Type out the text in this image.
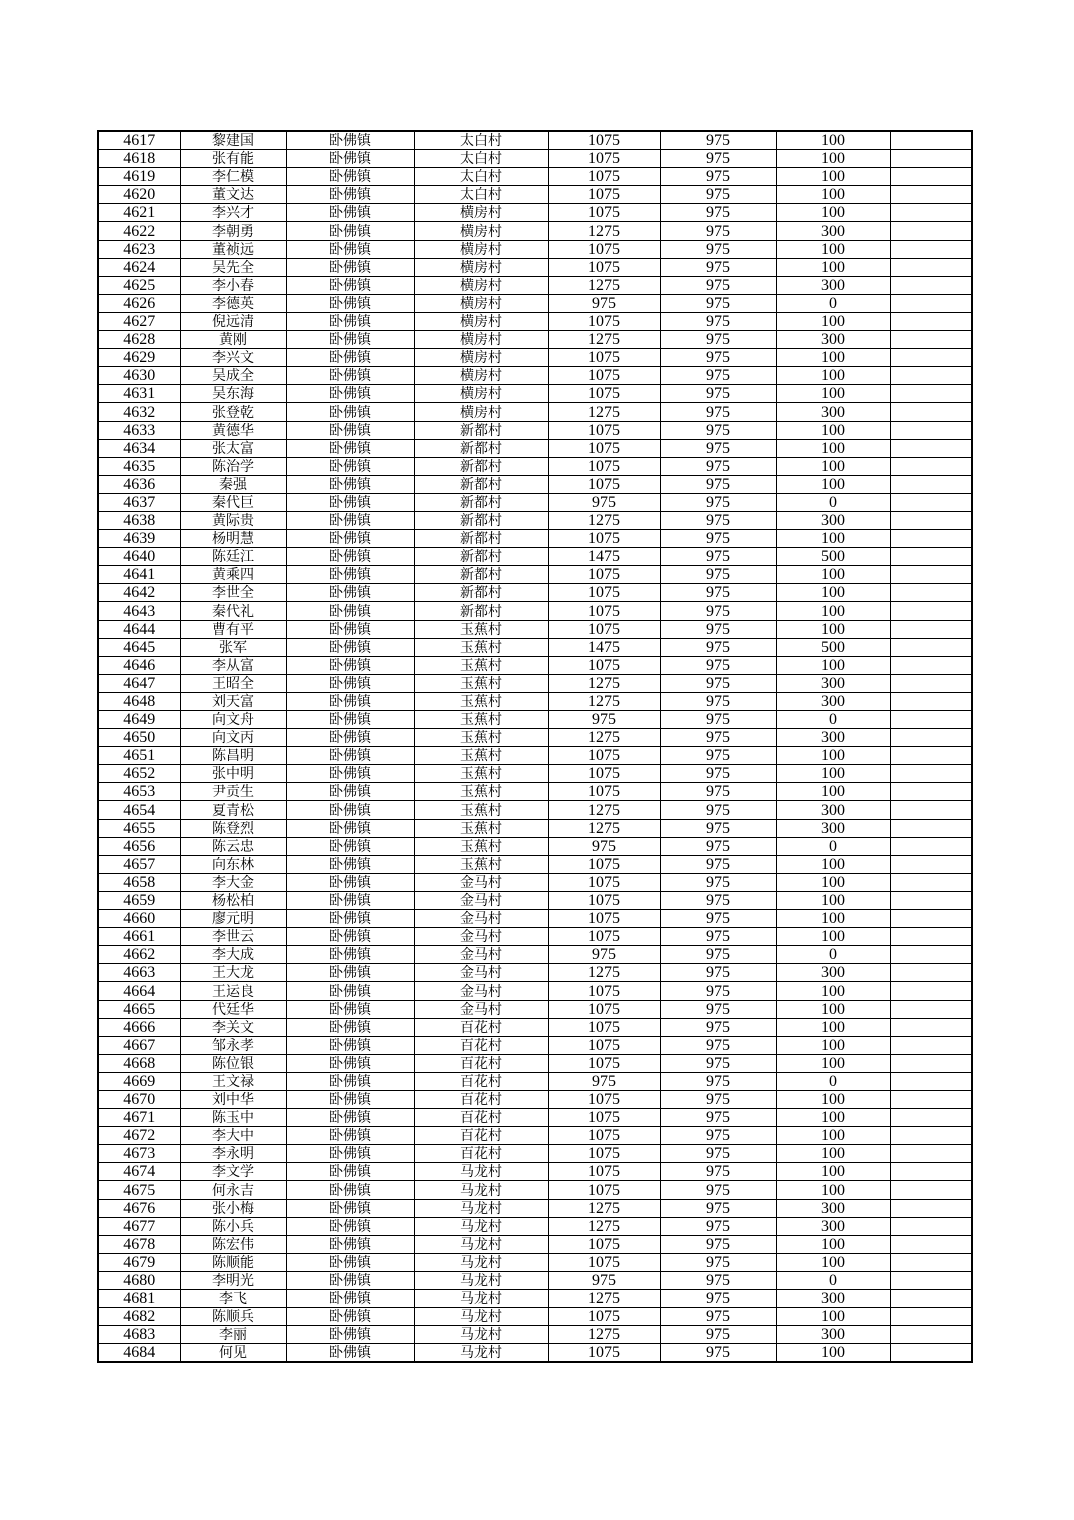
4617	黎建国	卧佛镇	太白村	1075	975	100	
4618	张有能	卧佛镇	太白村	1075	975	100	
4619	李仁模	卧佛镇	太白村	1075	975	100	
4620	董文达	卧佛镇	太白村	1075	975	100	
4621	李兴才	卧佛镇	横房村	1075	975	100	
4622	李朝勇	卧佛镇	横房村	1275	975	300	
4623	董祯远	卧佛镇	横房村	1075	975	100	
4624	吴先全	卧佛镇	横房村	1075	975	100	
4625	李小春	卧佛镇	横房村	1275	975	300	
4626	李德英	卧佛镇	横房村	975	975	0	
4627	倪远清	卧佛镇	横房村	1075	975	100	
4628	黄刚	卧佛镇	横房村	1275	975	300	
4629	李兴文	卧佛镇	横房村	1075	975	100	
4630	吴成全	卧佛镇	横房村	1075	975	100	
4631	吴东海	卧佛镇	横房村	1075	975	100	
4632	张登乾	卧佛镇	横房村	1275	975	300	
4633	黄德华	卧佛镇	新都村	1075	975	100	
4634	张太富	卧佛镇	新都村	1075	975	100	
4635	陈治学	卧佛镇	新都村	1075	975	100	
4636	秦强	卧佛镇	新都村	1075	975	100	
4637	秦代巨	卧佛镇	新都村	975	975	0	
4638	黄际贵	卧佛镇	新都村	1275	975	300	
4639	杨明慧	卧佛镇	新都村	1075	975	100	
4640	陈廷江	卧佛镇	新都村	1475	975	500	
4641	黄乘四	卧佛镇	新都村	1075	975	100	
4642	李世全	卧佛镇	新都村	1075	975	100	
4643	秦代礼	卧佛镇	新都村	1075	975	100	
4644	曹有平	卧佛镇	玉蕉村	1075	975	100	
4645	张军	卧佛镇	玉蕉村	1475	975	500	
4646	李从富	卧佛镇	玉蕉村	1075	975	100	
4647	王昭全	卧佛镇	玉蕉村	1275	975	300	
4648	刘天富	卧佛镇	玉蕉村	1275	975	300	
4649	向文舟	卧佛镇	玉蕉村	975	975	0	
4650	向文丙	卧佛镇	玉蕉村	1275	975	300	
4651	陈昌明	卧佛镇	玉蕉村	1075	975	100	
4652	张中明	卧佛镇	玉蕉村	1075	975	100	
4653	尹贡生	卧佛镇	玉蕉村	1075	975	100	
4654	夏青松	卧佛镇	玉蕉村	1275	975	300	
4655	陈登烈	卧佛镇	玉蕉村	1275	975	300	
4656	陈云忠	卧佛镇	玉蕉村	975	975	0	
4657	向东林	卧佛镇	玉蕉村	1075	975	100	
4658	李大金	卧佛镇	金马村	1075	975	100	
4659	杨松柏	卧佛镇	金马村	1075	975	100	
4660	廖元明	卧佛镇	金马村	1075	975	100	
4661	李世云	卧佛镇	金马村	1075	975	100	
4662	李大成	卧佛镇	金马村	975	975	0	
4663	王大龙	卧佛镇	金马村	1275	975	300	
4664	王运良	卧佛镇	金马村	1075	975	100	
4665	代廷华	卧佛镇	金马村	1075	975	100	
4666	李关文	卧佛镇	百花村	1075	975	100	
4667	邹永孝	卧佛镇	百花村	1075	975	100	
4668	陈位银	卧佛镇	百花村	1075	975	100	
4669	王文禄	卧佛镇	百花村	975	975	0	
4670	刘中华	卧佛镇	百花村	1075	975	100	
4671	陈玉中	卧佛镇	百花村	1075	975	100	
4672	李大中	卧佛镇	百花村	1075	975	100	
4673	李永明	卧佛镇	百花村	1075	975	100	
4674	李文学	卧佛镇	马龙村	1075	975	100	
4675	何永吉	卧佛镇	马龙村	1075	975	100	
4676	张小梅	卧佛镇	马龙村	1275	975	300	
4677	陈小兵	卧佛镇	马龙村	1275	975	300	
4678	陈宏伟	卧佛镇	马龙村	1075	975	100	
4679	陈顺能	卧佛镇	马龙村	1075	975	100	
4680	李明光	卧佛镇	马龙村	975	975	0	
4681	李飞	卧佛镇	马龙村	1275	975	300	
4682	陈顺兵	卧佛镇	马龙村	1075	975	100	
4683	李丽	卧佛镇	马龙村	1275	975	300	
4684	何见	卧佛镇	马龙村	1075	975	100	
